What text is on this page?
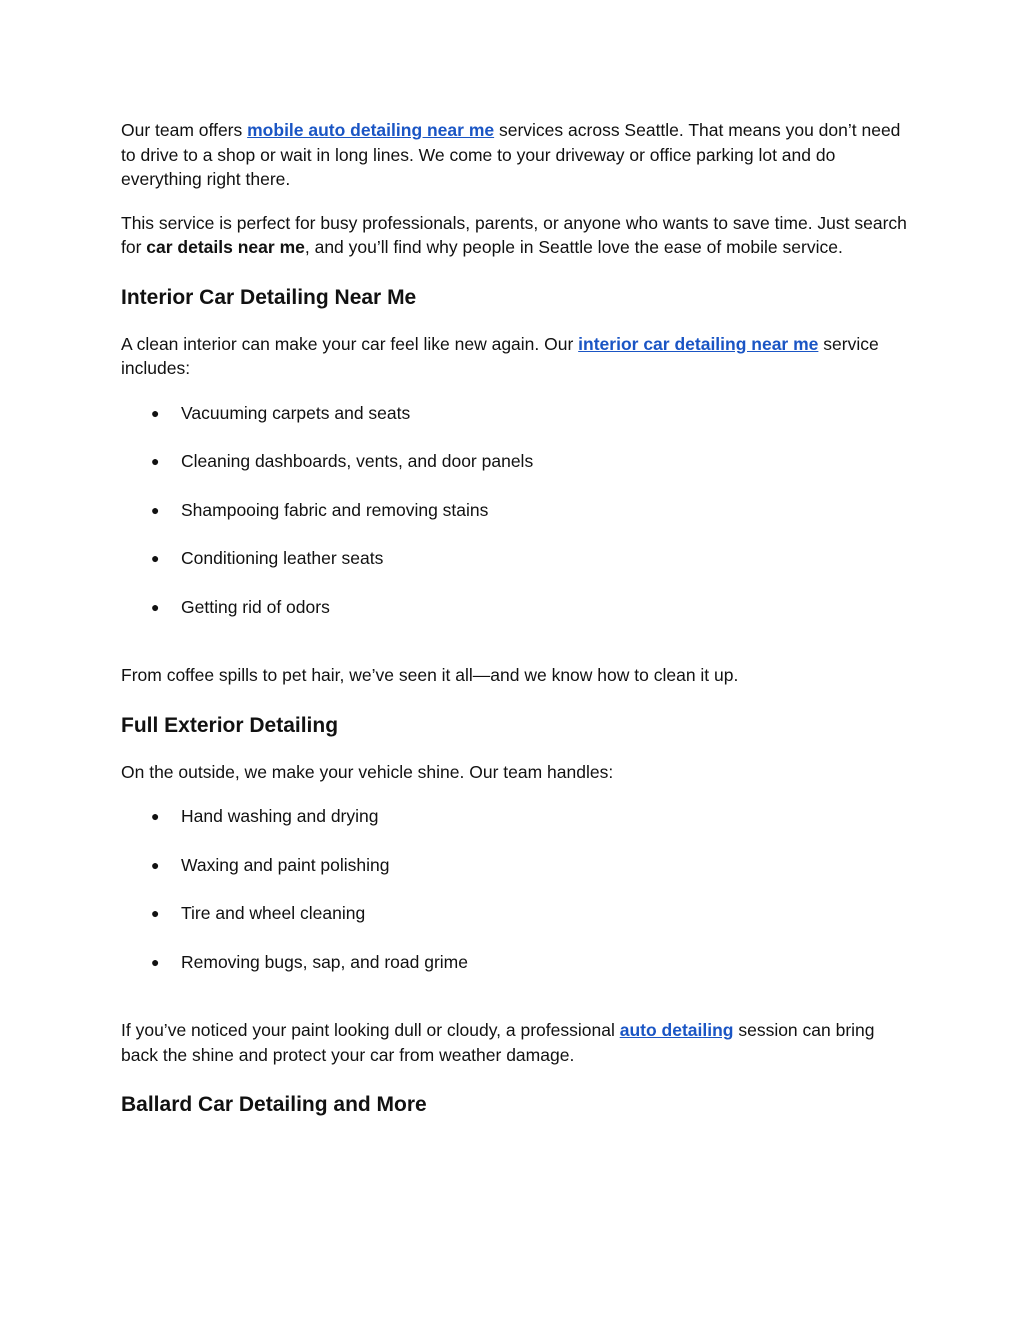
Our team offers mobile auto detailing near me services across Seattle. That means you don’t need to drive to a shop or wait in long lines. We come to your driveway or office parking lot and do everything right there.

This service is perfect for busy professionals, parents, or anyone who wants to save time. Just search for car details near me, and you’ll find why people in Seattle love the ease of mobile service.

Interior Car Detailing Near Me

A clean interior can make your car feel like new again. Our interior car detailing near me service includes:

● Vacuuming carpets and seats
● Cleaning dashboards, vents, and door panels
● Shampooing fabric and removing stains
● Conditioning leather seats
● Getting rid of odors

From coffee spills to pet hair, we’ve seen it all—and we know how to clean it up.

Full Exterior Detailing

On the outside, we make your vehicle shine. Our team handles:

● Hand washing and drying
● Waxing and paint polishing
● Tire and wheel cleaning
● Removing bugs, sap, and road grime

If you’ve noticed your paint looking dull or cloudy, a professional auto detailing session can bring back the shine and protect your car from weather damage.

Ballard Car Detailing and More
